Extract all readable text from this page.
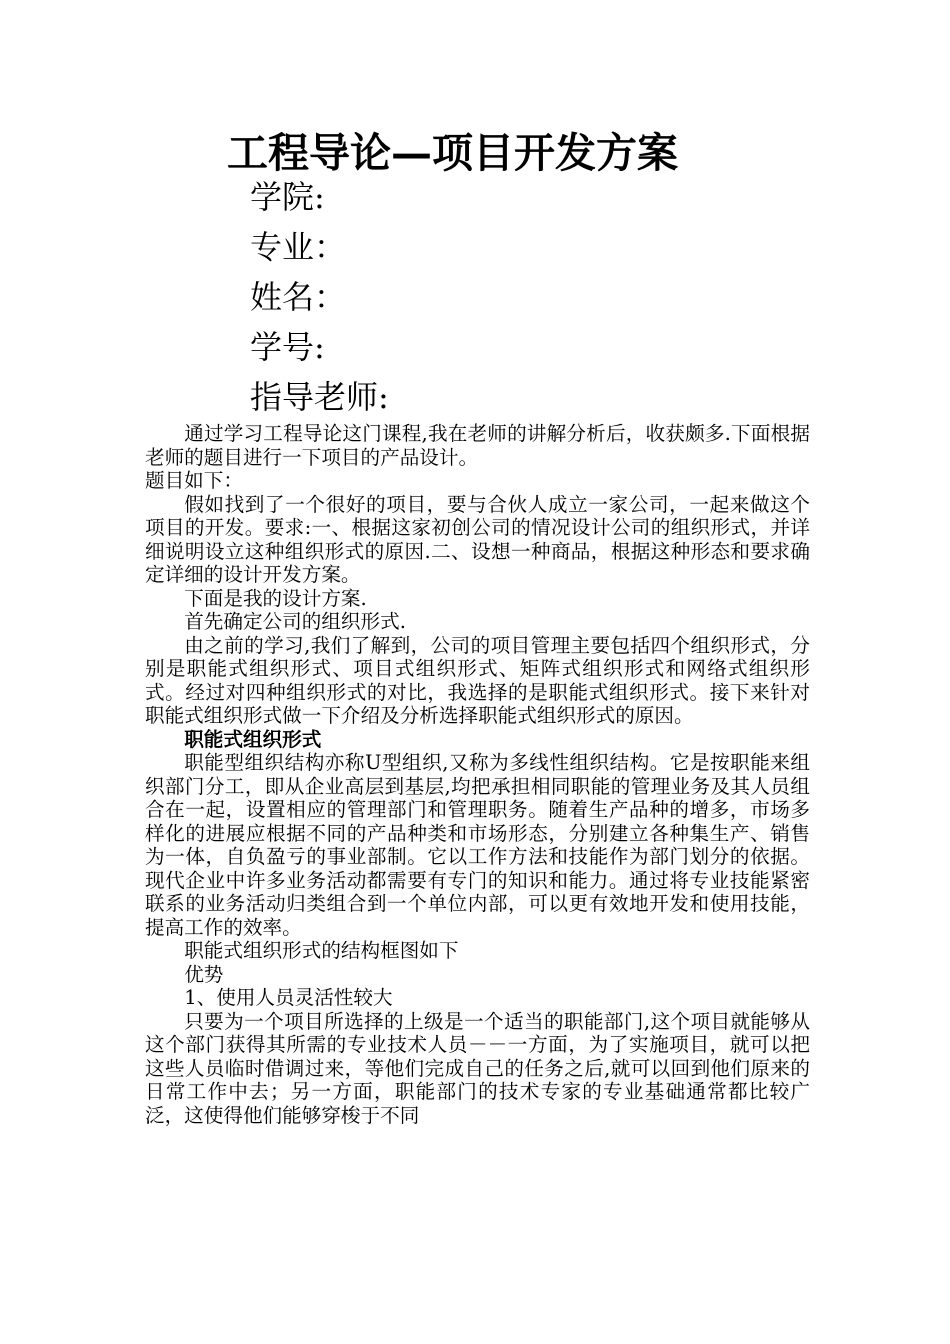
工程导论—项目开发方案
学院:
专业：
姓名：
学号:
指导老师:

通过学习工程导论这门课程,我在老师的讲解分析后，收获颇多.下面根据老师的题目进行一下项目的产品设计。

题目如下：

假如找到了一个很好的项目，要与合伙人成立一家公司，一起来做这个项目的开发。要求:一、根据这家初创公司的情况设计公司的组织形式，并详细说明设立这种组织形式的原因.二、设想一种商品，根据这种形态和要求确定详细的设计开发方案。

下面是我的设计方案.

首先确定公司的组织形式.

由之前的学习,我们了解到，公司的项目管理主要包括四个组织形式，分别是职能式组织形式、项目式组织形式、矩阵式组织形式和网络式组织形式。经过对四种组织形式的对比，我选择的是职能式组织形式。接下来针对职能式组织形式做一下介绍及分析选择职能式组织形式的原因。

职能式组织形式

职能型组织结构亦称U型组织,又称为多线性组织结构。它是按职能来组织部门分工，即从企业高层到基层,均把承担相同职能的管理业务及其人员组合在一起，设置相应的管理部门和管理职务。随着生产品种的增多，市场多样化的进展应根据不同的产品种类和市场形态，分别建立各种集生产、销售为一体，自负盈亏的事业部制。它以工作方法和技能作为部门划分的依据。现代企业中许多业务活动都需要有专门的知识和能力。通过将专业技能紧密联系的业务活动归类组合到一个单位内部，可以更有效地开发和使用技能，提高工作的效率。

职能式组织形式的结构框图如下

优势

1、使用人员灵活性较大

只要为一个项目所选择的上级是一个适当的职能部门,这个项目就能够从这个部门获得其所需的专业技术人员－－一方面，为了实施项目，就可以把这些人员临时借调过来，等他们完成自己的任务之后,就可以回到他们原来的日常工作中去；另一方面，职能部门的技术专家的专业基础通常都比较广泛，这使得他们能够穿梭于不同
